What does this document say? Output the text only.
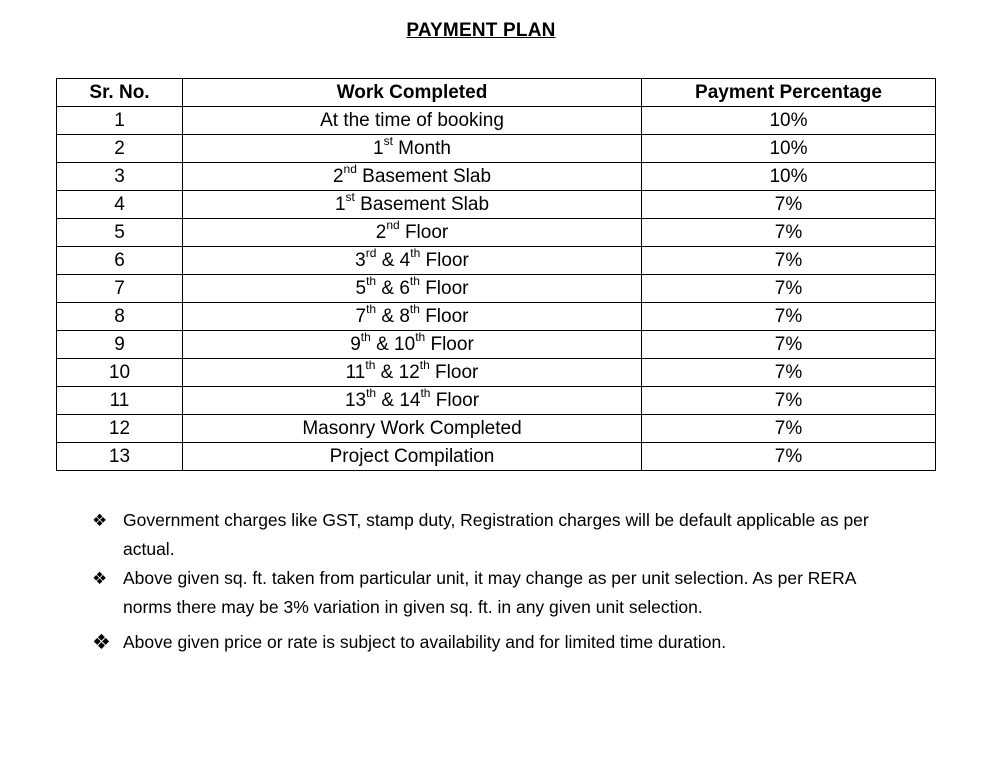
PAYMENT PLAN
Sr. No.	Work Completed	Payment Percentage
1	At the time of booking	10%
2	1st Month	10%
3	2nd Basement Slab	10%
4	1st Basement Slab	7%
5	2nd Floor	7%
6	3rd & 4th Floor	7%
7	5th & 6th Floor	7%
8	7th & 8th Floor	7%
9	9th & 10th Floor	7%
10	11th & 12th Floor	7%
11	13th & 14th Floor	7%
12	Masonry Work Completed	7%
13	Project Compilation	7%
❖ Government charges like GST, stamp duty, Registration charges will be default applicable as per actual.
❖ Above given sq. ft. taken from particular unit, it may change as per unit selection. As per RERA norms there may be 3% variation in given sq. ft. in any given unit selection.
❖ Above given price or rate is subject to availability and for limited time duration.
